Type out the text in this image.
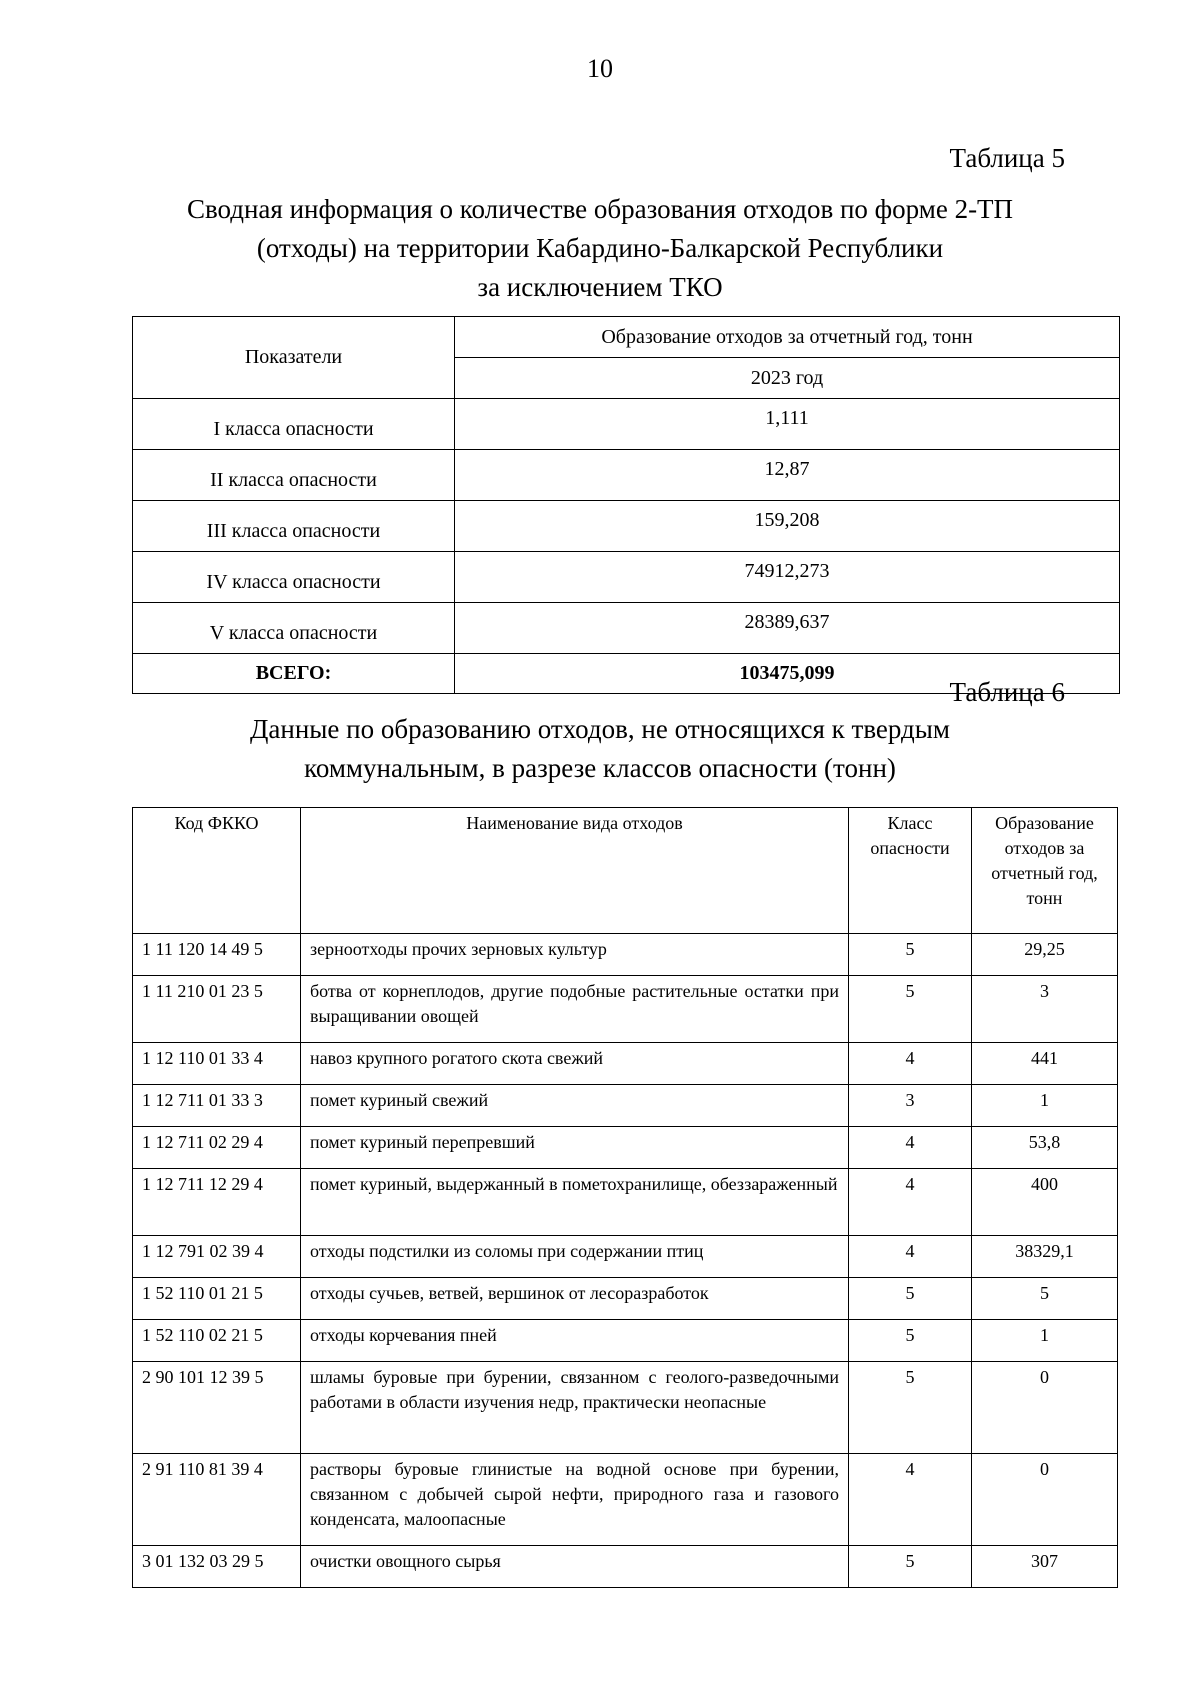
10
Таблица 5
Сводная информация о количестве образования отходов по форме 2-ТП
(отходы) на территории Кабардино-Балкарской Республики
за исключением ТКО
Показатели	Образование отходов за отчетный год, тонн
	2023 год
I класса опасности	1,111
II класса опасности	12,87
III класса опасности	159,208
IV класса опасности	74912,273
V класса опасности	28389,637
ВСЕГО:	103475,099
Таблица 6
Данные по образованию отходов, не относящихся к твердым
коммунальным, в разрезе классов опасности (тонн)
Код ФККО	Наименование вида отходов	Класс опасности	Образование отходов за отчетный год, тонн
1 11 120 14 49 5	зерноотходы прочих зерновых культур	5	29,25
1 11 210 01 23 5	ботва от корнеплодов, другие подобные растительные остатки при выращивании овощей	5	3
1 12 110 01 33 4	навоз крупного рогатого скота свежий	4	441
1 12 711 01 33 3	помет куриный свежий	3	1
1 12 711 02 29 4	помет куриный перепревший	4	53,8
1 12 711 12 29 4	помет куриный, выдержанный в пометохранилище, обеззараженный	4	400
1 12 791 02 39 4	отходы подстилки из соломы при содержании птиц	4	38329,1
1 52 110 01 21 5	отходы сучьев, ветвей, вершинок от лесоразработок	5	5
1 52 110 02 21 5	отходы корчевания пней	5	1
2 90 101 12 39 5	шламы буровые при бурении, связанном с геолого-разведочными работами в области изучения недр, практически неопасные	5	0
2 91 110 81 39 4	растворы буровые глинистые на водной основе при бурении, связанном с добычей сырой нефти, природного газа и газового конденсата, малоопасные	4	0
3 01 132 03 29 5	очистки овощного сырья	5	307
